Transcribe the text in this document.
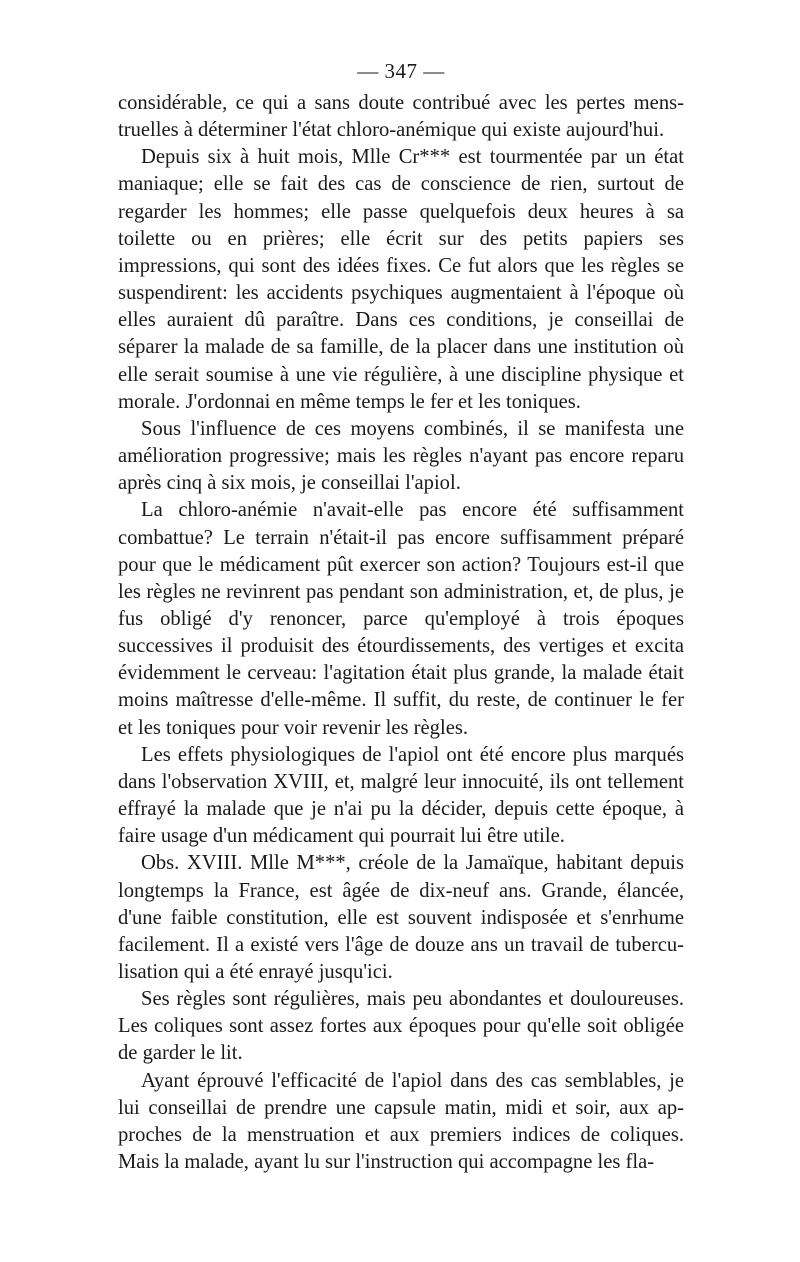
— 347 —

considérable, ce qui a sans doute contribué avec les pertes menstruelles à déterminer l'état chloro-anémique qui existe aujourd'hui.

Depuis six à huit mois, Mlle Cr*** est tourmentée par un état maniaque; elle se fait des cas de conscience de rien, surtout de regarder les hommes; elle passe quelquefois deux heures à sa toilette ou en prières; elle écrit sur des petits papiers ses impressions, qui sont des idées fixes. Ce fut alors que les règles se suspendirent: les accidents psychiques augmentaient à l'époque où elles auraient dû paraître. Dans ces conditions, je conseillai de séparer la malade de sa famille, de la placer dans une institution où elle serait soumise à une vie régulière, à une discipline physique et morale. J'ordonnai en même temps le fer et les toniques.

Sous l'influence de ces moyens combinés, il se manifesta une amélioration progressive; mais les règles n'ayant pas encore reparu après cinq à six mois, je conseillai l'apiol.

La chloro-anémie n'avait-elle pas encore été suffisamment combattue? Le terrain n'était-il pas encore suffisamment préparé pour que le médicament pût exercer son action? Toujours est-il que les règles ne revinrent pas pendant son administration, et, de plus, je fus obligé d'y renoncer, parce qu'employé à trois époques successives il produisit des étourdissements, des vertiges et excita évidemment le cerveau: l'agitation était plus grande, la malade était moins maîtresse d'elle-même. Il suffit, du reste, de continuer le fer et les toniques pour voir revenir les règles.

Les effets physiologiques de l'apiol ont été encore plus marqués dans l'observation XVIII, et, malgré leur innocuité, ils ont tellement effrayé la malade que je n'ai pu la décider, depuis cette époque, à faire usage d'un médicament qui pourrait lui être utile.

Obs. XVIII. Mlle M***, créole de la Jamaïque, habitant depuis longtemps la France, est âgée de dix-neuf ans. Grande, élancée, d'une faible constitution, elle est souvent indisposée et s'enrhume facilement. Il a existé vers l'âge de douze ans un travail de tuberculisation qui a été enrayé jusqu'ici.

Ses règles sont régulières, mais peu abondantes et douloureuses. Les coliques sont assez fortes aux époques pour qu'elle soit obligée de garder le lit.

Ayant éprouvé l'efficacité de l'apiol dans des cas semblables, je lui conseillai de prendre une capsule matin, midi et soir, aux approches de la menstruation et aux premiers indices de coliques. Mais la malade, ayant lu sur l'instruction qui accompagne les fla-
